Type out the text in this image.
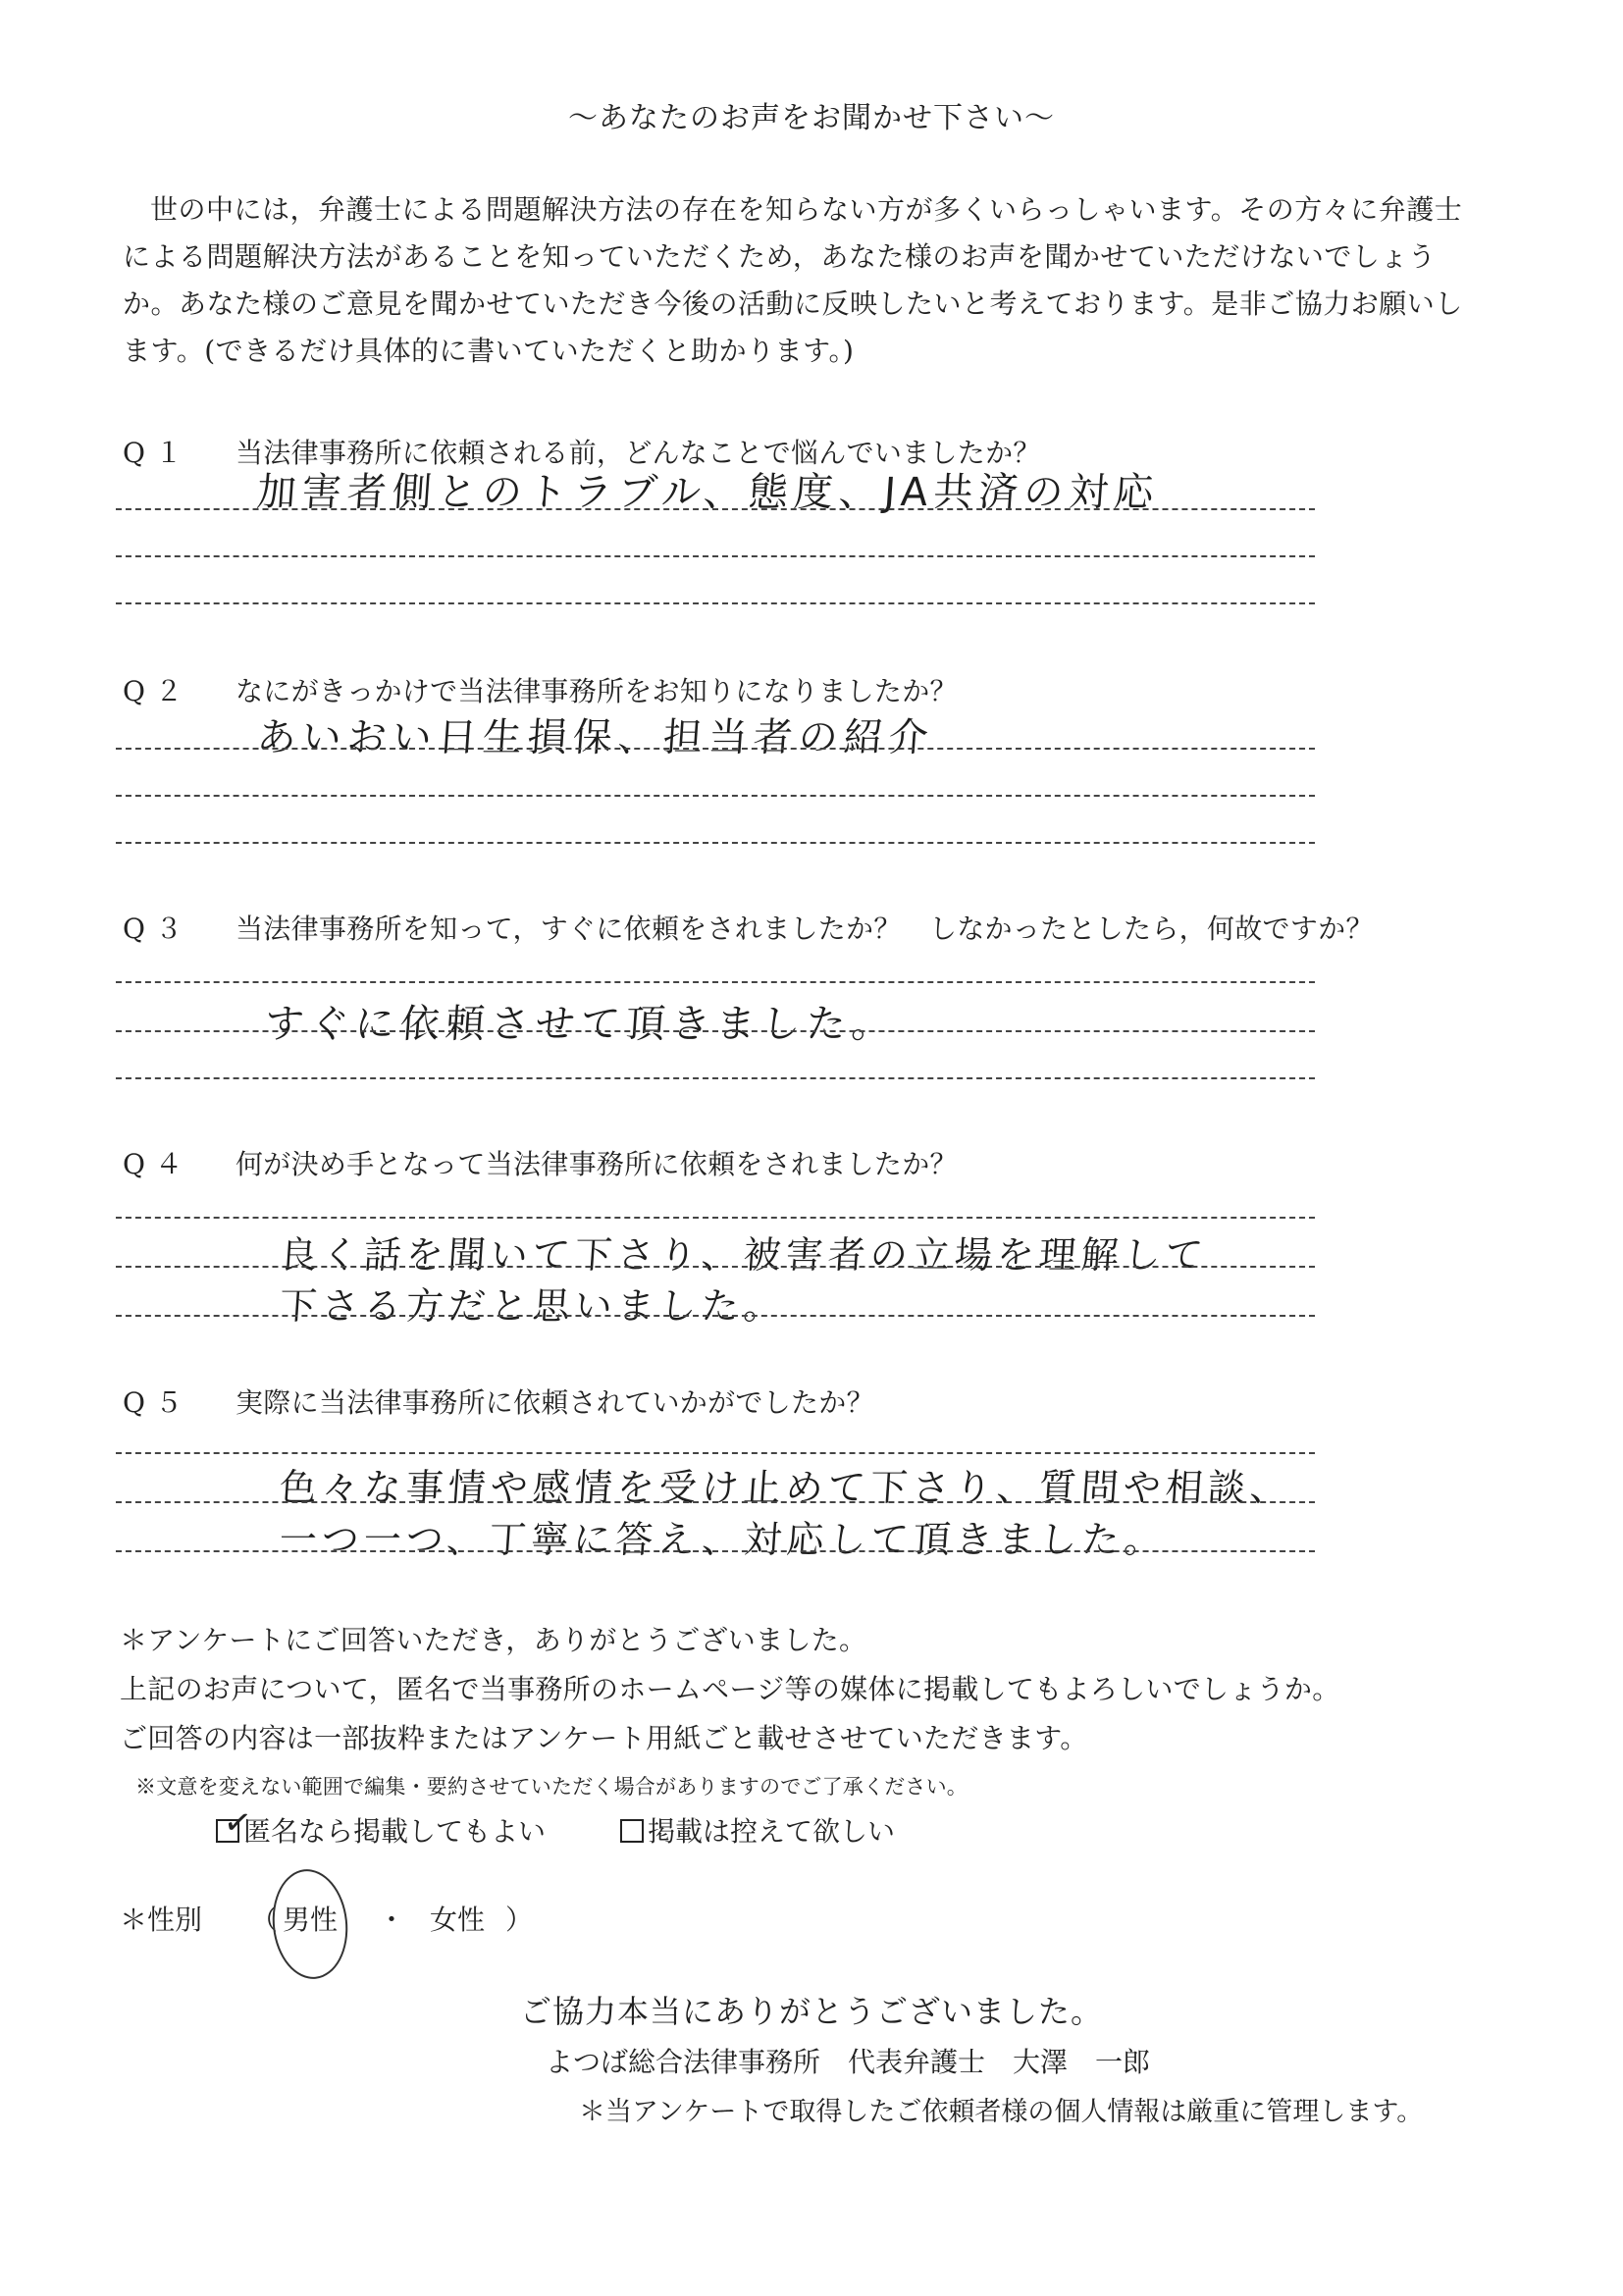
～あなたのお声をお聞かせ下さい～

世の中には，弁護士による問題解決方法の存在を知らない方が多くいらっしゃいます。その方々に弁護士

による問題解決方法があることを知っていただくため，あなた様のお声を聞かせていただけないでしょう
か。あなた様のご意見を聞かせていただき今後の活動に反映したいと考えております。是非ご協力お願いし
ます。(できるだけ具体的に書いていただくと助かります。)
Q１ 当法律事務所に依頼される前，どんなことで悩んでいましたか？
加害者側とのトラブル、態度、JA共済の対応
Q２ なにがきっかけで当法律事務所をお知りになりましたか？
あいおい日生損保、担当者の紹介
Q３ 当法律事務所を知って，すぐに依頼をされましたか？　しなかったとしたら，何故ですか？
すぐに依頼させて頂きました。
Q４ 何が決め手となって当法律事務所に依頼をされましたか？
良く話を聞いて下さり、被害者の立場を理解して
下さる方だと思いました。
Q５ 実際に当法律事務所に依頼されていかがでしたか？
色々な事情や感情を受け止めて下さり、質問や相談、
一つ一つ、丁寧に答え、対応して頂きました。
＊アンケートにご回答いただき，ありがとうございました。
上記のお声について，匿名で当事務所のホームページ等の媒体に掲載してもよろしいでしょうか。
ご回答の内容は一部抜粋またはアンケート用紙ごと載せさせていただきます。
※文意を変えない範囲で編集・要約させていただく場合がありますのでご了承ください。
✓
匿名なら掲載してもよい	掲載は控えて欲しい
＊性別 （ 男性 ・ 女性 ）
ご協力本当にありがとうございました。
よつば総合法律事務所　代表弁護士　大澤　一郎
＊当アンケートで取得したご依頼者様の個人情報は厳重に管理します。
